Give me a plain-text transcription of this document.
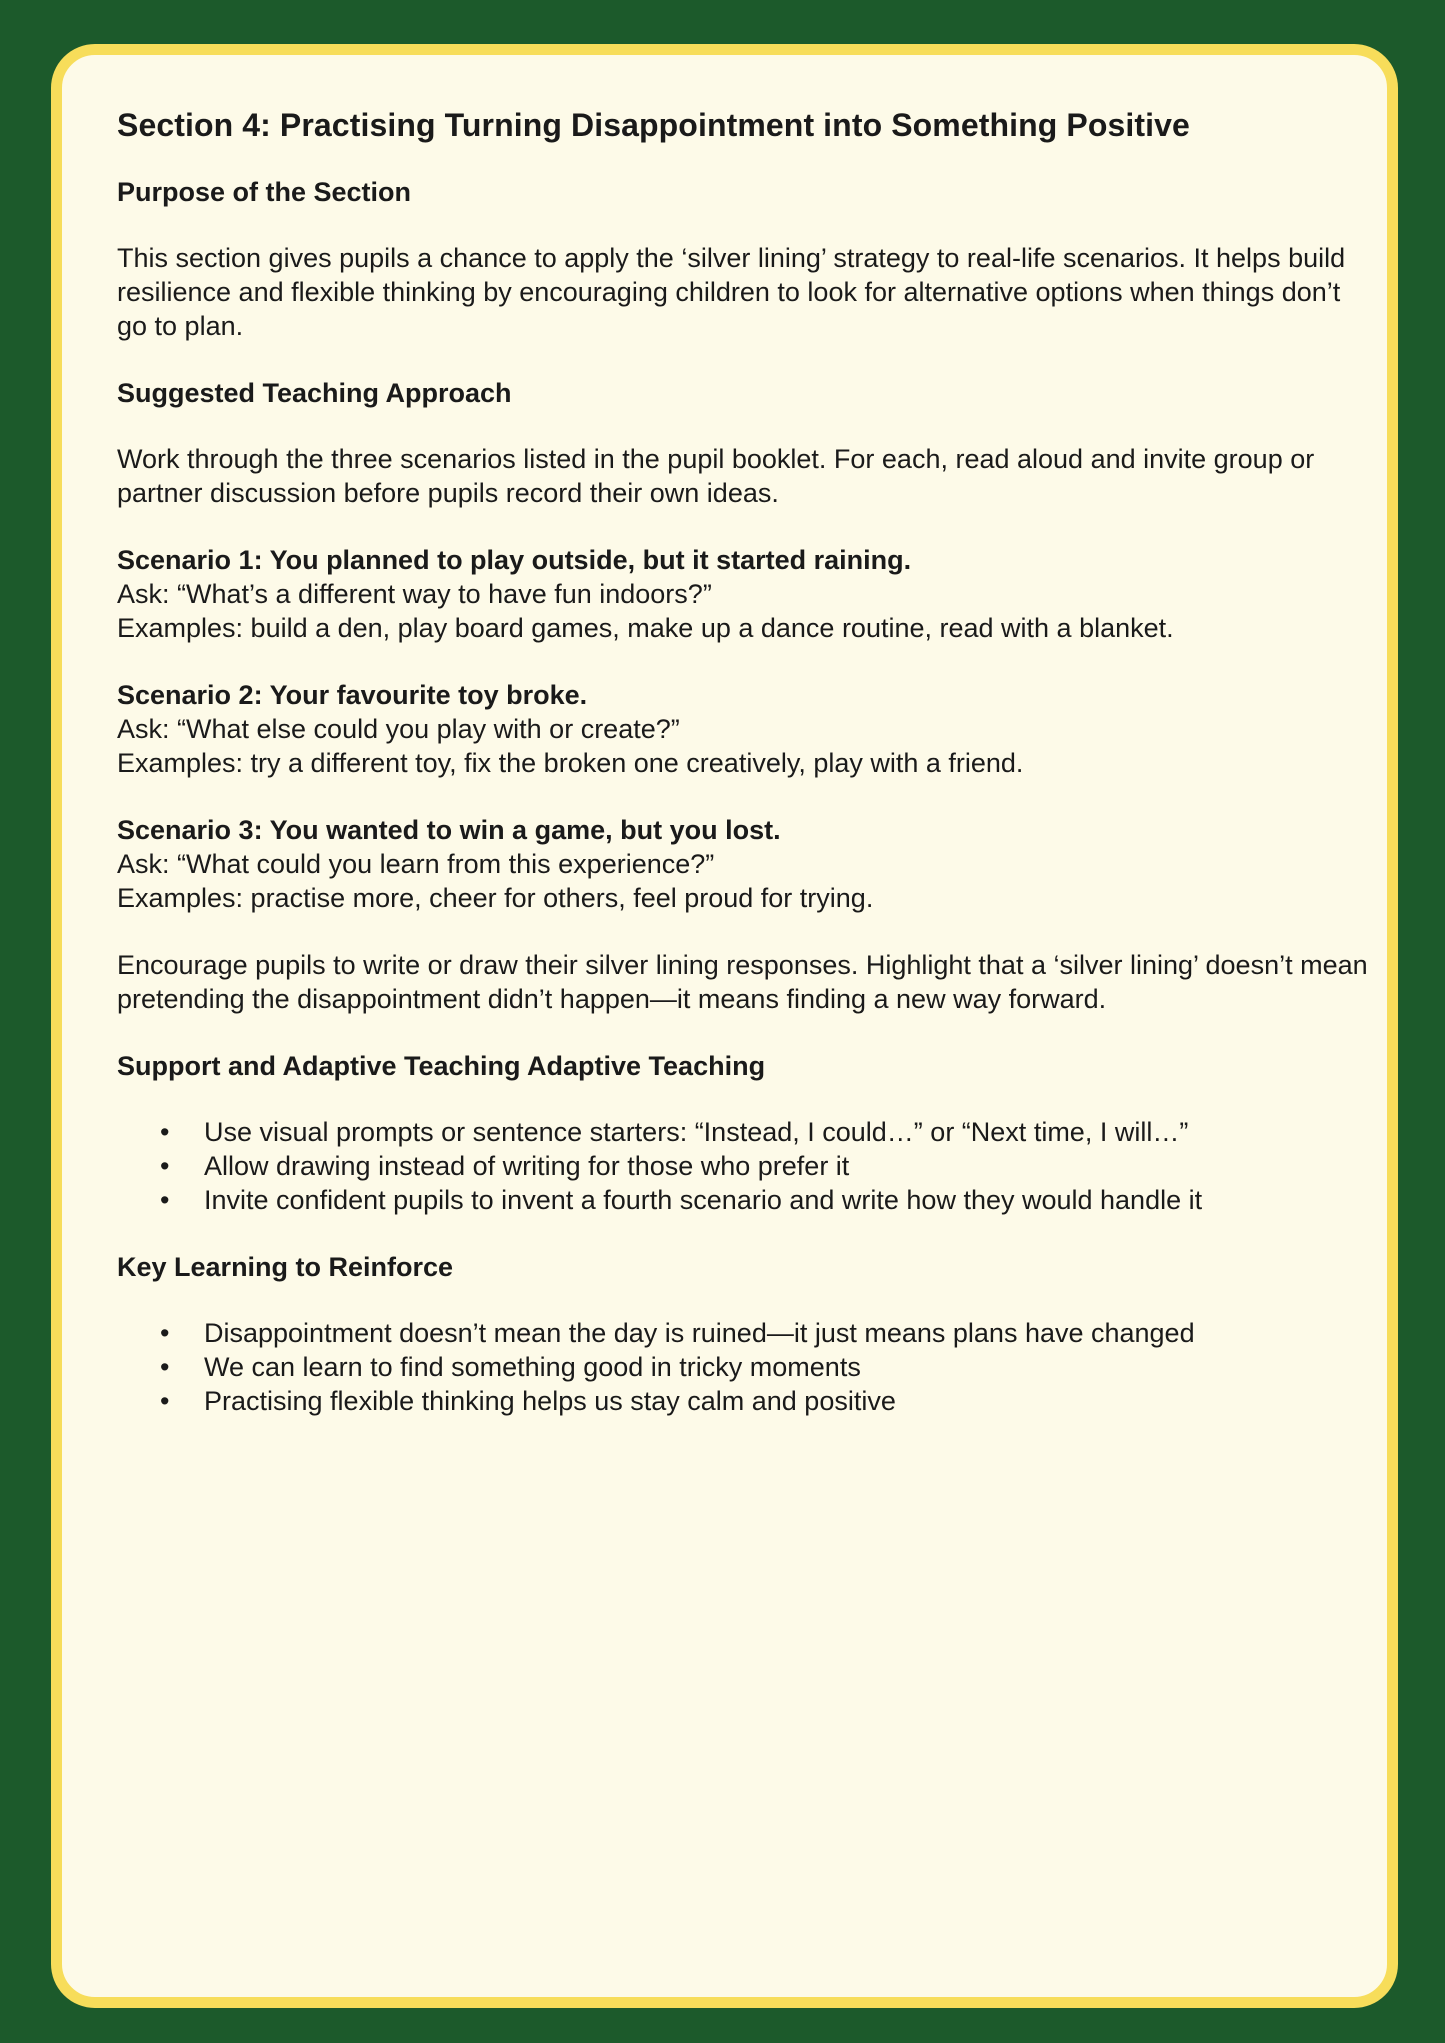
Section 4: Practising Turning Disappointment into Something Positive
Purpose of the Section

This section gives pupils a chance to apply the ‘silver lining’ strategy to real-life scenarios. It helps build resilience and flexible thinking by encouraging children to look for alternative options when things don’t go to plan.

Suggested Teaching Approach

Work through the three scenarios listed in the pupil booklet. For each, read aloud and invite group or partner discussion before pupils record their own ideas.

Scenario 1: You planned to play outside, but it started raining.
Ask: “What’s a different way to have fun indoors?”
Examples: build a den, play board games, make up a dance routine, read with a blanket.
Scenario 2: Your favourite toy broke.
Ask: “What else could you play with or create?”
Examples: try a different toy, fix the broken one creatively, play with a friend.
Scenario 3: You wanted to win a game, but you lost.
Ask: “What could you learn from this experience?”
Examples: practise more, cheer for others, feel proud for trying.

Encourage pupils to write or draw their silver lining responses. Highlight that a ‘silver lining’ doesn’t mean pretending the disappointment didn’t happen—it means finding a new way forward.

Support and Adaptive Teaching Adaptive Teaching
• Use visual prompts or sentence starters: “Instead, I could…” or “Next time, I will…”
• Allow drawing instead of writing for those who prefer it
• Invite confident pupils to invent a fourth scenario and write how they would handle it
Key Learning to Reinforce
• Disappointment doesn’t mean the day is ruined—it just means plans have changed
• We can learn to find something good in tricky moments
• Practising flexible thinking helps us stay calm and positive
